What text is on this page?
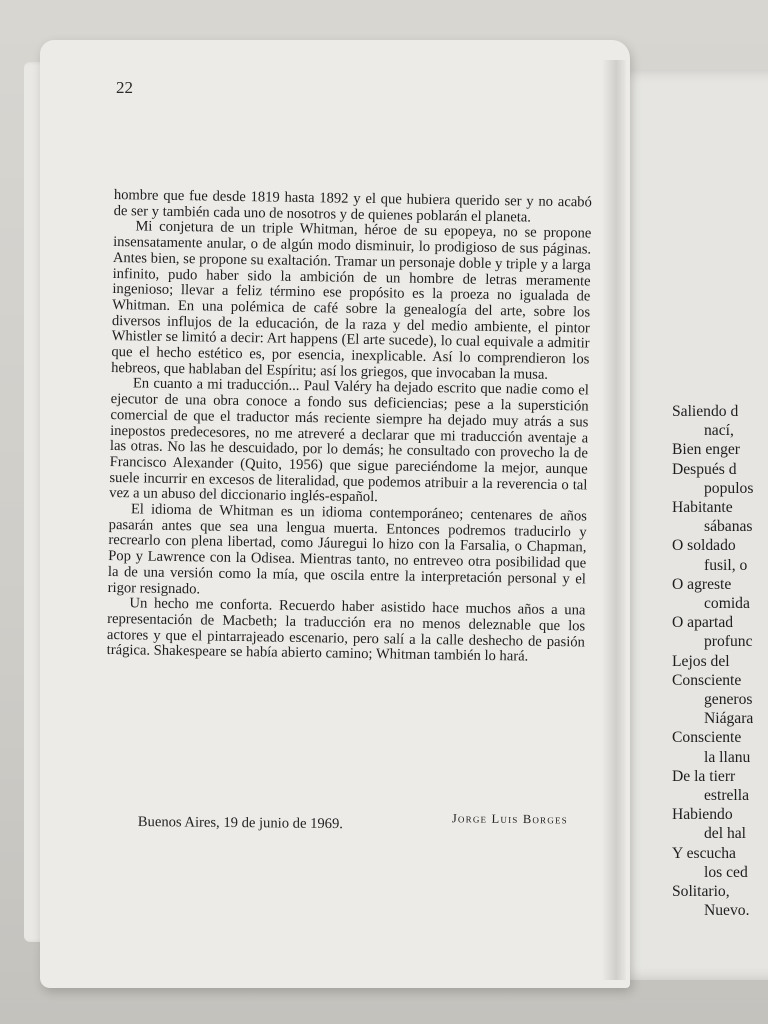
22

hombre que fue desde 1819 hasta 1892 y el que hubiera querido ser y no acabó de ser y también cada uno de nosotros y de quienes poblarán el planeta.

Mi conjetura de un triple Whitman, héroe de su epopeya, no se propone insensatamente anular, o de algún modo disminuir, lo prodigioso de sus páginas. Antes bien, se propone su exaltación. Tramar un personaje doble y triple y a larga infinito, pudo haber sido la ambición de un hombre de letras meramente ingenioso; llevar a feliz término ese propósito es la proeza no igualada de Whitman. En una polémica de café sobre la genealogía del arte, sobre los diversos influjos de la educación, de la raza y del medio ambiente, el pintor Whistler se limitó a decir: Art happens (El arte sucede), lo cual equivale a admitir que el hecho estético es, por esencia, inexplicable. Así lo comprendieron los hebreos, que hablaban del Espíritu; así los griegos, que invocaban la musa.

En cuanto a mi traducción... Paul Valéry ha dejado escrito que nadie como el ejecutor de una obra conoce a fondo sus deficiencias; pese a la superstición comercial de que el traductor más reciente siempre ha dejado muy atrás a sus inepostos predecesores, no me atreveré a declarar que mi traducción aventaje a las otras. No las he descuidado, por lo demás; he consultado con provecho la de Francisco Alexander (Quito, 1956) que sigue pareciéndome la mejor, aunque suele incurrir en excesos de literalidad, que podemos atribuir a la reverencia o tal vez a un abuso del diccionario inglés-español.

El idioma de Whitman es un idioma contemporáneo; centenares de años pasarán antes que sea una lengua muerta. Entonces podremos traducirlo y recrearlo con plena libertad, como Jáuregui lo hizo con la Farsalia, o Chapman, Pop y Lawrence con la Odisea. Mientras tanto, no entreveo otra posibilidad que la de una versión como la mía, que oscila entre la interpretación personal y el rigor resignado.

Un hecho me conforta. Recuerdo haber asistido hace muchos años a una representación de Macbeth; la traducción era no menos deleznable que los actores y que el pintarrajeado escenario, pero salí a la calle deshecho de pasión trágica. Shakespeare se había abierto camino; Whitman también lo hará.

Jorge Luis Borges
Buenos Aires, 19 de junio de 1969.
Saliendo d
nací,
Bien enger
Después d
populos
Habitante
sábanas
O soldado
fusil, o
O agreste
comida
O apartad
profunc
Lejos del
Consciente
generos
Niágara
Consciente
la llanu
De la tierr
estrella
Habiendo
del hal
Y escucha
los ced
Solitario,
Nuevo.
